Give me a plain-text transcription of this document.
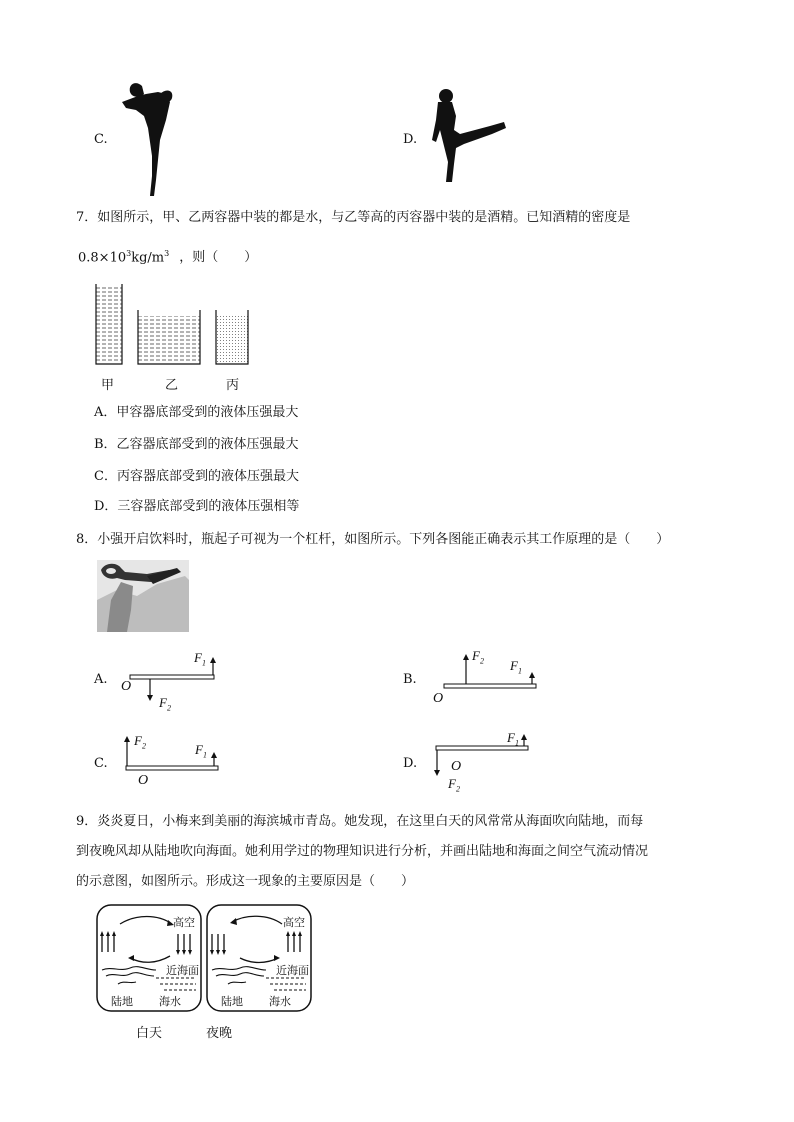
C.	D.
7．如图所示，甲、乙两容器中装的都是水，与乙等高的丙容器中装的是酒精。已知酒精的密度是
$0.8\times 10^3kg/m^3$ ，则（　　）
甲	乙	丙
A．甲容器底部受到的液体压强最大
B．乙容器底部受到的液体压强最大
C．丙容器底部受到的液体压强最大
D．三容器底部受到的液体压强相等
8．小强开启饮料时，瓶起子可视为一个杠杆，如图所示。下列各图能正确表示其工作原理的是（　　）
A.
$F_1$
$F_2$
O	B.
$F_2$ $F_1$
O
C.
$F_2$	$F_1$
O
D.
$F_1$
O
$F_2$
9．炎炎夏日，小梅来到美丽的海滨城市青岛。她发现，在这里白天的风常常从海面吹向陆地，而每
到夜晚风却从陆地吹向海面。她利用学过的物理知识进行分析，并画出陆地和海面之间空气流动情况
的示意图，如图所示。形成这一现象的主要原因是（　　）
高空
近海面
陆地 海水
白天
高空
近海面
陆地 海水
夜晚
